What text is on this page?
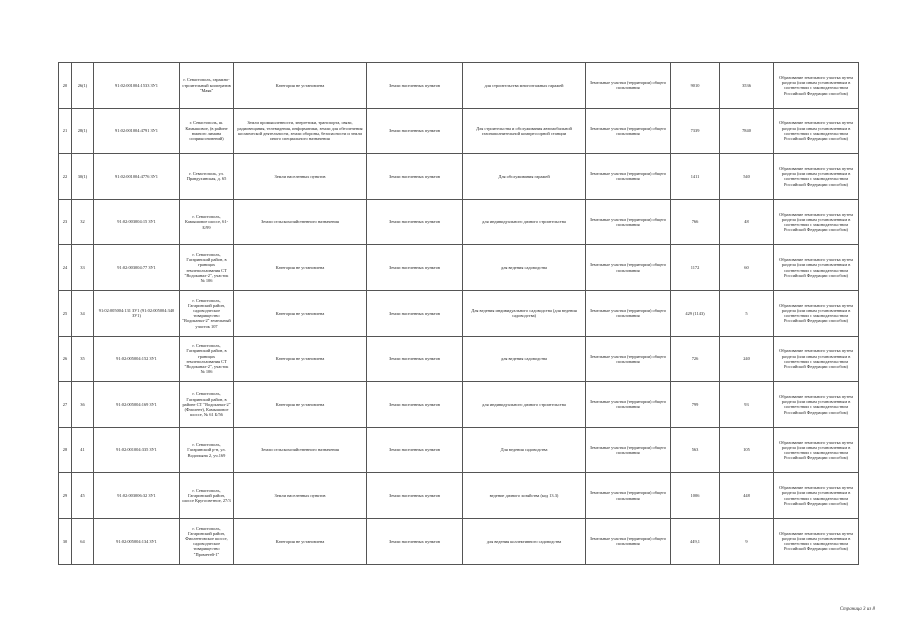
20	26(1)	91:02:001004:1533 ЗУ1	г. Севастополь, гаражно-строительный кооператив "Маяк"	Категория не установлена	Земли населенных пунктов	для строительства многоэтажных гаражей	Земельные участки (территории) общего пользования	9010	3536	Образование земельного участка путем раздела (или иным установленным в соответствии с законодательством Российской Федерации способом)
21	28(1)	91:02:001004:4791 ЗУ1	г. Севастополь, ш. Камышовое, (в районе южного лимана соприкосновений)	Земли промышленности, энергетики, транспорта, связи, радиовещания, телевидения, информатики, земли для обеспечения космической деятельности, земли обороны, безопасности и земли иного специального назначения	Земли населенных пунктов	Для строительства и обслуживания автомобильной газонаполнительной компрессорной станции	Земельные участки (территории) общего пользования	7339	7840	Образование земельного участка путем раздела (или иным установленным в соответствии с законодательством Российской Федерации способом)
22	30(1)	91:02:001004:4776 ЗУ1	г. Севастополь, ул. Правдухинская, д. 65	Земли населенных пунктов	Земли населенных пунктов	Для обслуживания гаражей	Земельные участки (территории) общего пользования	1411	540	Образование земельного участка путем раздела (или иным установленным в соответствии с законодательством Российской Федерации способом)
23	32	91:02:003004:15 ЗУ1	г. Севастополь, Камышовое шоссе, 61-Б/99	Земли сельскохозяйственного назначения	Земли населенных пунктов	для индивидуального дачного строительства	Земельные участки (территории) общего пользования	766	48	Образование земельного участка путем раздела (или иным установленным в соответствии с законодательством Российской Федерации способом)
24	33	91:02:003004:77 ЗУ1	г. Севастополь, Гагаринский район, в границах землепользования СТ "Водоканал-2", участок № 106	Категория не установлена	Земли населенных пунктов	для ведения садоводства	Земельные участки (территории) общего пользования	1172	60	Образование земельного участка путем раздела (или иным установленным в соответствии с законодательством Российской Федерации способом)
25	34	91:02:005004:131 ЗУ1 (91:02:005004:340 ЗУ1)	г. Севастополь, Гагаринский район, садоводческое товарищество "Водоканал-2" земельный участок 107	Категория не установлена	Земли населенных пунктов	Для ведения индивидуального садоводства (для ведения садоводства)	Земельные участки (территории) общего пользования	429 (1143)	5	Образование земельного участка путем раздела (или иным установленным в соответствии с законодательством Российской Федерации способом)
26	35	91:02:005004:152 ЗУ1	г. Севастополь, Гагаринский район, в границах землепользования СТ "Водоканал-2", участок № 106	Категория не установлена	Земли населенных пунктов	для ведения садоводства	Земельные участки (территории) общего пользования	726	240	Образование земельного участка путем раздела (или иным установленным в соответствии с законодательством Российской Федерации способом)
27	36	91:02:005004:169 ЗУ1	г. Севастополь, Гагаринский район, в районе СТ "Водоканал-2" (Фиолент), Камышовое шоссе, № 61 Б/56	Категория не установлена	Земли населенных пунктов	для индивидуального дачного строительства	Земельные участки (территории) общего пользования	799	93	Образование земельного участка путем раздела (или иным установленным в соответствии с законодательством Российской Федерации способом)
28	41	91:02:001004:335 ЗУ1	г. Севастополь, Гагаринский р-н, ул. Водопьяна 2, уч.169	Земли сельскохозяйственного назначения	Земли населенных пунктов	Для ведения садоводства	Земельные участки (территории) общего пользования	563	105	Образование земельного участка путем раздела (или иным установленным в соответствии с законодательством Российской Федерации способом)
29	45	91:02:003006:32 ЗУ1	г. Севастополь, Гагаринский район, шоссе Кругосветное, 27/3	Земли населенных пунктов	Земли населенных пунктов	ведение дачного хозяйства (код 13.3)	Земельные участки (территории) общего пользования	1006	448	Образование земельного участка путем раздела (или иным установленным в соответствии с законодательством Российской Федерации способом)
30	64	91:02:005004:134 ЗУ1	г. Севастополь, Гагаринский район, Фиолентовское шоссе, садоводческое товарищество "Прометей-1"	Категория не установлена	Земли населенных пунктов	для ведения коллективного садоводства	Земельные участки (территории) общего пользования	449,1	9	Образование земельного участка путем раздела (или иным установленным в соответствии с законодательством Российской Федерации способом)
Страница 3 из 8
